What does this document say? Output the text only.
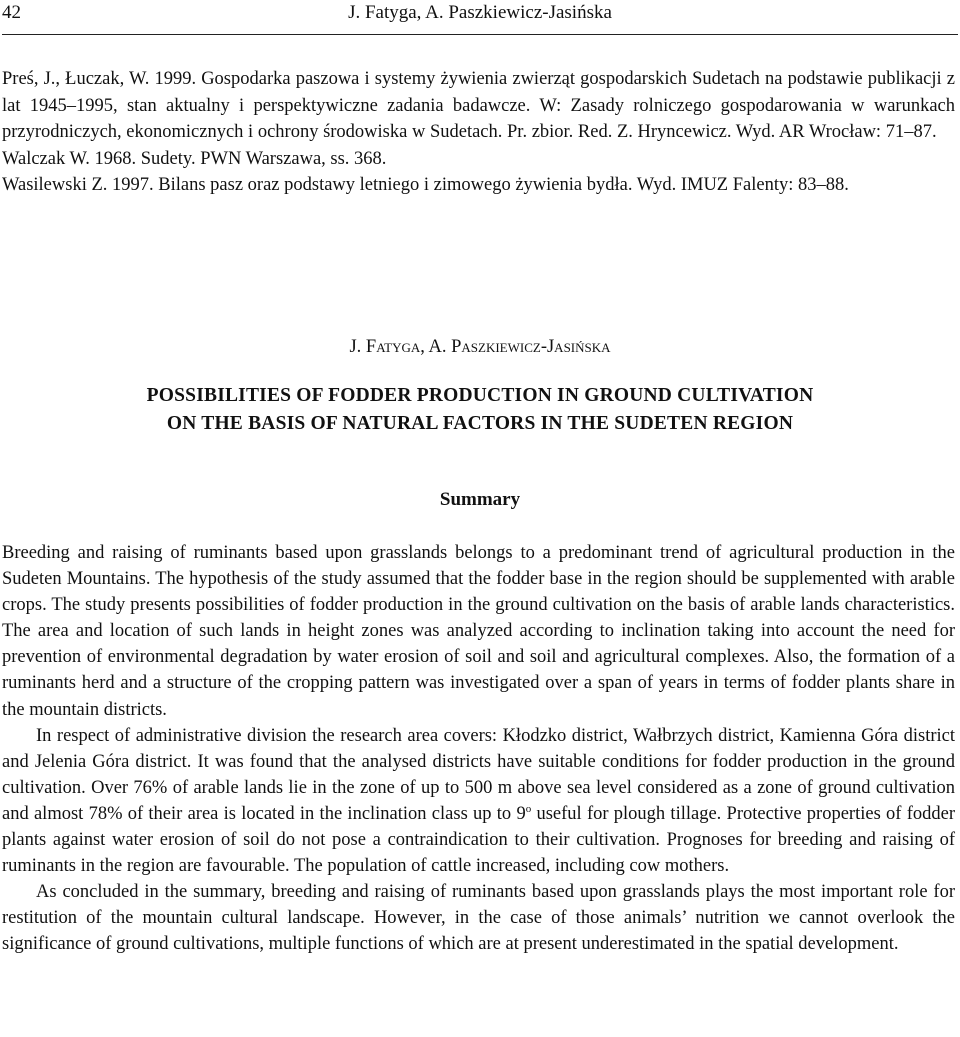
42	J. Fatyga, A. Paszkiewicz-Jasińska

Preś, J., Łuczak, W. 1999. Gospodarka paszowa i systemy żywienia zwierząt gospodarskich Sudetach na podstawie publikacji z lat 1945–1995, stan aktualny i perspektywiczne zadania badawcze. W: Zasady rolniczego gospodarowania w warunkach przyrodniczych, ekonomicznych i ochrony środowiska w Sudetach. Pr. zbior. Red. Z. Hryncewicz. Wyd. AR Wrocław: 71–87.

Walczak W. 1968. Sudety. PWN Warszawa, ss. 368.

Wasilewski Z. 1997. Bilans pasz oraz podstawy letniego i zimowego żywienia bydła. Wyd. IMUZ Falenty: 83–88.

J. Fatyga, A. Paszkiewicz-Jasińska
POSSIBILITIES OF FODDER PRODUCTION IN GROUND CULTIVATION
ON THE BASIS OF NATURAL FACTORS IN THE SUDETEN REGION
Summary

Breeding and raising of ruminants based upon grasslands belongs to a predominant trend of agricultural production in the Sudeten Mountains. The hypothesis of the study assumed that the fodder base in the region should be supplemented with arable crops. The study presents possibilities of fodder production in the ground cultivation on the basis of arable lands characteristics. The area and location of such lands in height zones was analyzed according to inclination taking into account the need for prevention of environmental degradation by water erosion of soil and soil and agricultural complexes. Also, the formation of a ruminants herd and a structure of the cropping pattern was investigated over a span of years in terms of fodder plants share in the mountain districts.

In respect of administrative division the research area covers: Kłodzko district, Wałbrzych district, Kamienna Góra district and Jelenia Góra district. It was found that the analysed districts have suitable conditions for fodder production in the ground cultivation. Over 76% of arable lands lie in the zone of up to 500 m above sea level considered as a zone of ground cultivation and almost 78% of their area is located in the inclination class up to 9$^o$ useful for plough tillage. Protective properties of fodder plants against water erosion of soil do not pose a contraindication to their cultivation. Prognoses for breeding and raising of ruminants in the region are favourable. The population of cattle increased, including cow mothers.

As concluded in the summary, breeding and raising of ruminants based upon grasslands plays the most important role for restitution of the mountain cultural landscape. However, in the case of those animals’ nutrition we cannot overlook the significance of ground cultivations, multiple functions of which are at present underestimated in the spatial development.
